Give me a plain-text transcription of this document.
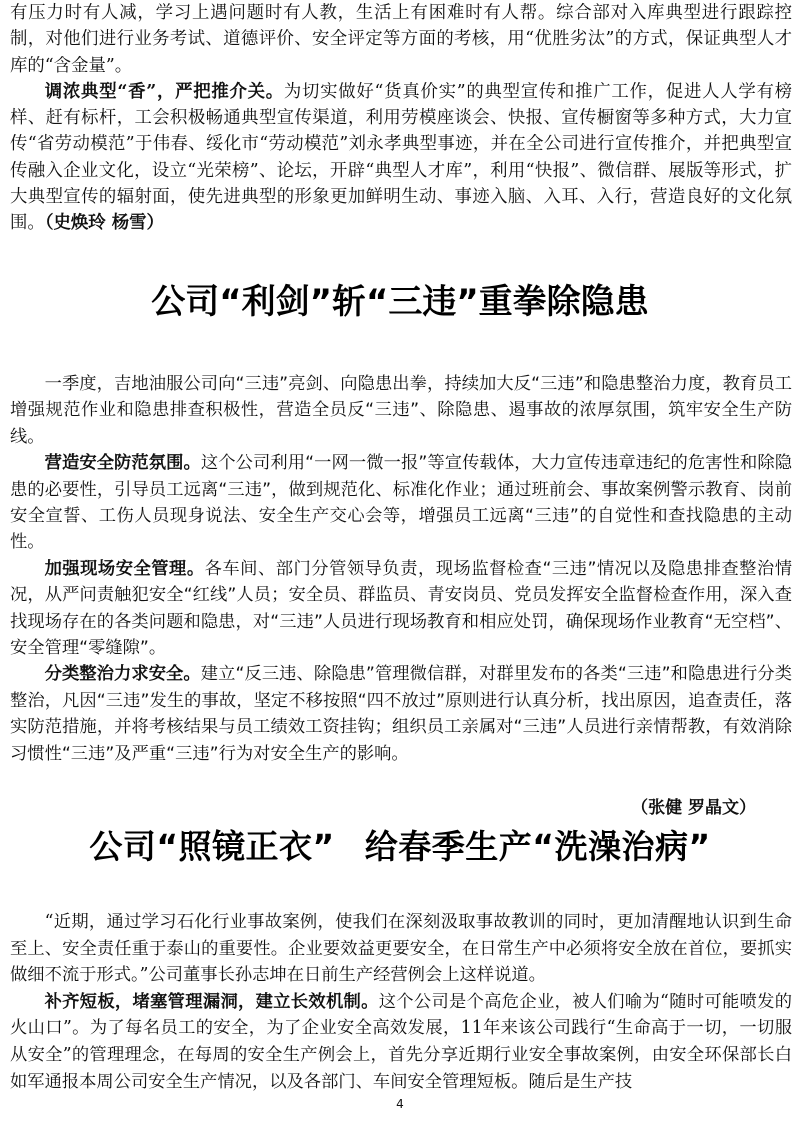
有压力时有人减，学习上遇问题时有人教，生活上有困难时有人帮。综合部对入库典型进行跟踪控制，对他们进行业务考试、道德评价、安全评定等方面的考核，用“优胜劣汰”的方式，保证典型人才库的“含金量”。

调浓典型“香”，严把推介关。为切实做好“货真价实”的典型宣传和推广工作，促进人人学有榜样、赶有标杆，工会积极畅通典型宣传渠道，利用劳模座谈会、快报、宣传橱窗等多种方式，大力宣传“省劳动模范”于伟春、绥化市“劳动模范”刘永孝典型事迹，并在全公司进行宣传推介，并把典型宣传融入企业文化，设立“光荣榜”、论坛，开辟“典型人才库”，利用“快报”、微信群、展版等形式，扩大典型宣传的辐射面，使先进典型的形象更加鲜明生动、事迹入脑、入耳、入行，营造良好的文化氛围。（史焕玲 杨雪）

公司“利剑”斩“三违”重拳除隐患

一季度，吉地油服公司向“三违”亮剑、向隐患出拳，持续加大反“三违”和隐患整治力度，教育员工增强规范作业和隐患排查积极性，营造全员反“三违”、除隐患、遏事故的浓厚氛围，筑牢安全生产防线。

营造安全防范氛围。这个公司利用“一网一微一报”等宣传载体，大力宣传违章违纪的危害性和除隐患的必要性，引导员工远离“三违”，做到规范化、标准化作业；通过班前会、事故案例警示教育、岗前安全宣誓、工伤人员现身说法、安全生产交心会等，增强员工远离“三违”的自觉性和查找隐患的主动性。

加强现场安全管理。各车间、部门分管领导负责，现场监督检查“三违”情况以及隐患排查整治情况，从严问责触犯安全“红线”人员；安全员、群监员、青安岗员、党员发挥安全监督检查作用，深入查找现场存在的各类问题和隐患，对“三违”人员进行现场教育和相应处罚，确保现场作业教育“无空档”、安全管理“零缝隙”。

分类整治力求安全。建立“反三违、除隐患”管理微信群，对群里发布的各类“三违”和隐患进行分类整治，凡因“三违”发生的事故，坚定不移按照“四不放过”原则进行认真分析，找出原因，追查责任，落实防范措施，并将考核结果与员工绩效工资挂钩；组织员工亲属对“三违”人员进行亲情帮教，有效消除习惯性“三违”及严重“三违”行为对安全生产的影响。

（张健 罗晶文）
公司“照镜正衣” 给春季生产“洗澡治病”

“近期，通过学习石化行业事故案例，使我们在深刻汲取事故教训的同时，更加清醒地认识到生命至上、安全责任重于泰山的重要性。企业要效益更要安全，在日常生产中必须将安全放在首位，要抓实做细不流于形式。”公司董事长孙志坤在日前生产经营例会上这样说道。

补齐短板，堵塞管理漏洞，建立长效机制。这个公司是个高危企业，被人们喻为“随时可能喷发的火山口”。为了每名员工的安全，为了企业安全高效发展，11年来该公司践行“生命高于一切，一切服从安全”的管理理念，在每周的安全生产例会上，首先分享近期行业安全事故案例，由安全环保部长白如军通报本周公司安全生产情况，以及各部门、车间安全管理短板。随后是生产技

4
